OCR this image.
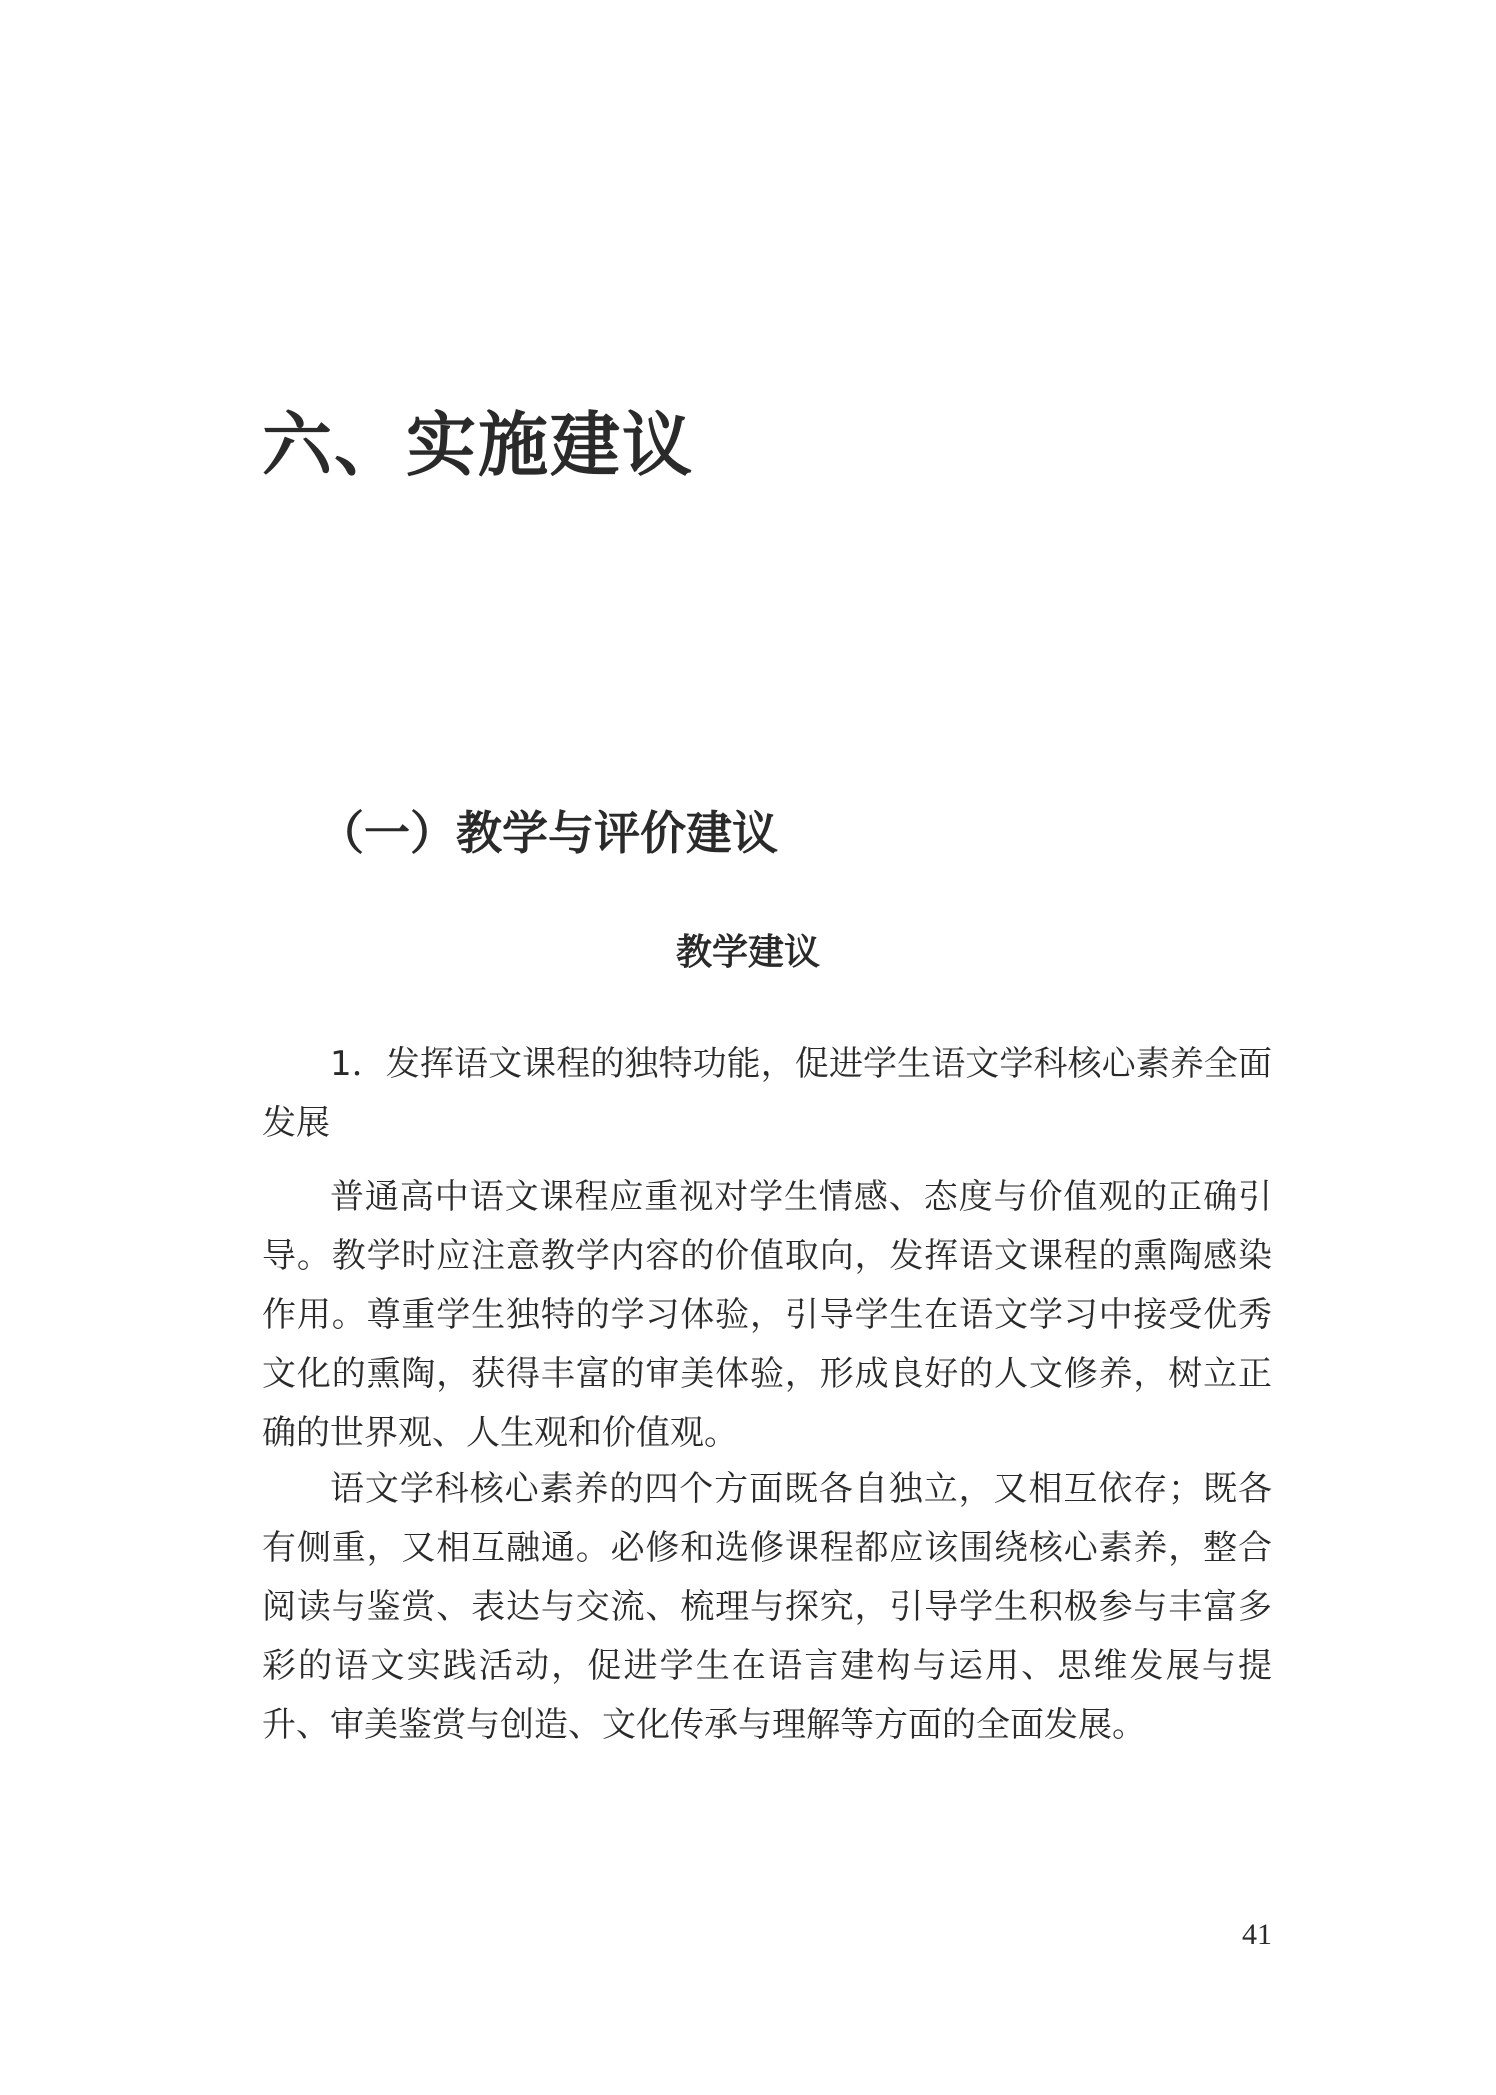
六、实施建议
（一）教学与评价建议
教学建议

1．发挥语文课程的独特功能，促进学生语文学科核心素养全面发展

普通高中语文课程应重视对学生情感、态度与价值观的正确引导。教学时应注意教学内容的价值取向，发挥语文课程的熏陶感染作用。尊重学生独特的学习体验，引导学生在语文学习中接受优秀文化的熏陶，获得丰富的审美体验，形成良好的人文修养，树立正确的世界观、人生观和价值观。

语文学科核心素养的四个方面既各自独立，又相互依存；既各有侧重，又相互融通。必修和选修课程都应该围绕核心素养，整合阅读与鉴赏、表达与交流、梳理与探究，引导学生积极参与丰富多彩的语文实践活动，促进学生在语言建构与运用、思维发展与提升、审美鉴赏与创造、文化传承与理解等方面的全面发展。

41
